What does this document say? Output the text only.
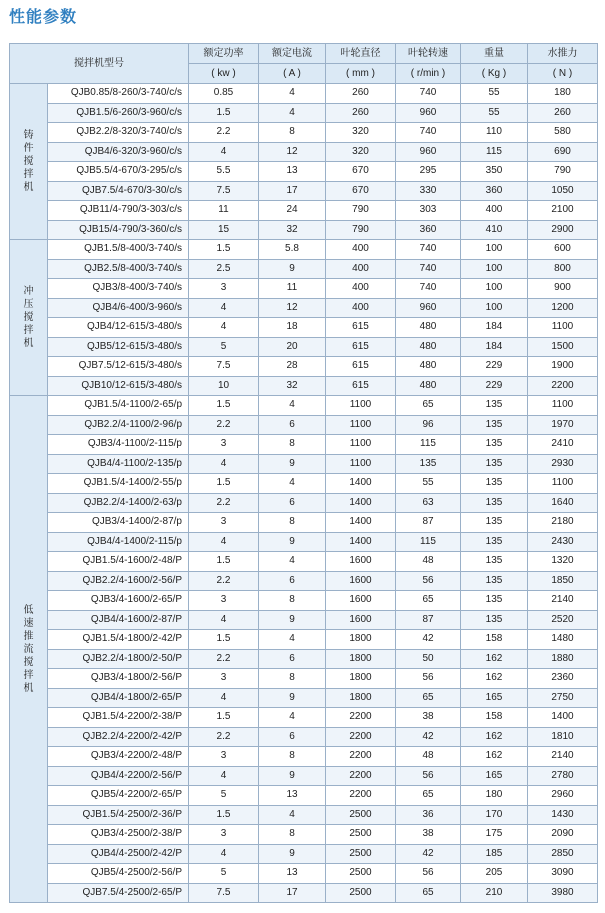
性能参数
搅拌机型号		额定功率	额定电流	叶轮直径	叶轮转速	重量	水推力
		( kw )	( A )	( mm )	( r/min )	( Kg )	( N )

铸件搅拌机	QJB0.85/8-260/3-740/c/s	0.85	4	260	740	55	180
	QJB1.5/6-260/3-960/c/s	1.5	4	260	960	55	260
	QJB2.2/8-320/3-740/c/s	2.2	8	320	740	110	580
	QJB4/6-320/3-960/c/s	4	12	320	960	115	690
	QJB5.5/4-670/3-295/c/s	5.5	13	670	295	350	790
	QJB7.5/4-670/3-30/c/s	7.5	17	670	330	360	1050
	QJB11/4-790/3-303/c/s	11	24	790	303	400	2100
	QJB15/4-790/3-360/c/s	15	32	790	360	410	2900

冲压搅拌机	QJB1.5/8-400/3-740/s	1.5	5.8	400	740	100	600
	QJB2.5/8-400/3-740/s	2.5	9	400	740	100	800
	QJB3/8-400/3-740/s	3	11	400	740	100	900
	QJB4/6-400/3-960/s	4	12	400	960	100	1200
	QJB4/12-615/3-480/s	4	18	615	480	184	1100
	QJB5/12-615/3-480/s	5	20	615	480	184	1500
	QJB7.5/12-615/3-480/s	7.5	28	615	480	229	1900
	QJB10/12-615/3-480/s	10	32	615	480	229	2200

低速推流搅拌机	QJB1.5/4-1100/2-65/p	1.5	4	1100	65	135	1100
	QJB2.2/4-1100/2-96/p	2.2	6	1100	96	135	1970
	QJB3/4-1100/2-115/p	3	8	1100	115	135	2410
	QJB4/4-1100/2-135/p	4	9	1100	135	135	2930
	QJB1.5/4-1400/2-55/p	1.5	4	1400	55	135	1100
	QJB2.2/4-1400/2-63/p	2.2	6	1400	63	135	1640
	QJB3/4-1400/2-87/p	3	8	1400	87	135	2180
	QJB4/4-1400/2-115/p	4	9	1400	115	135	2430
	QJB1.5/4-1600/2-48/P	1.5	4	1600	48	135	1320
	QJB2.2/4-1600/2-56/P	2.2	6	1600	56	135	1850
	QJB3/4-1600/2-65/P	3	8	1600	65	135	2140
	QJB4/4-1600/2-87/P	4	9	1600	87	135	2520
	QJB1.5/4-1800/2-42/P	1.5	4	1800	42	158	1480
	QJB2.2/4-1800/2-50/P	2.2	6	1800	50	162	1880
	QJB3/4-1800/2-56/P	3	8	1800	56	162	2360
	QJB4/4-1800/2-65/P	4	9	1800	65	165	2750
	QJB1.5/4-2200/2-38/P	1.5	4	2200	38	158	1400
	QJB2.2/4-2200/2-42/P	2.2	6	2200	42	162	1810
	QJB3/4-2200/2-48/P	3	8	2200	48	162	2140
	QJB4/4-2200/2-56/P	4	9	2200	56	165	2780
	QJB5/4-2200/2-65/P	5	13	2200	65	180	2960
	QJB1.5/4-2500/2-36/P	1.5	4	2500	36	170	1430
	QJB3/4-2500/2-38/P	3	8	2500	38	175	2090
	QJB4/4-2500/2-42/P	4	9	2500	42	185	2850
	QJB5/4-2500/2-56/P	5	13	2500	56	205	3090
	QJB7.5/4-2500/2-65/P	7.5	17	2500	65	210	3980
